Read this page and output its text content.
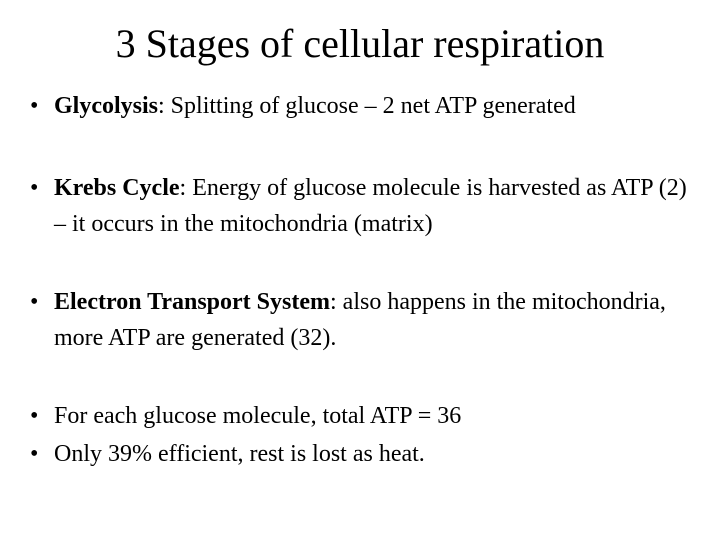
3 Stages of cellular respiration
• Glycolysis: Splitting of glucose – 2 net ATP generated
• Krebs Cycle: Energy of glucose molecule is harvested as ATP (2) – it occurs in the mitochondria (matrix)
• Electron Transport System: also happens in the mitochondria, more ATP are generated (32).
• For each glucose molecule, total ATP = 36
• Only 39% efficient, rest is lost as heat.
